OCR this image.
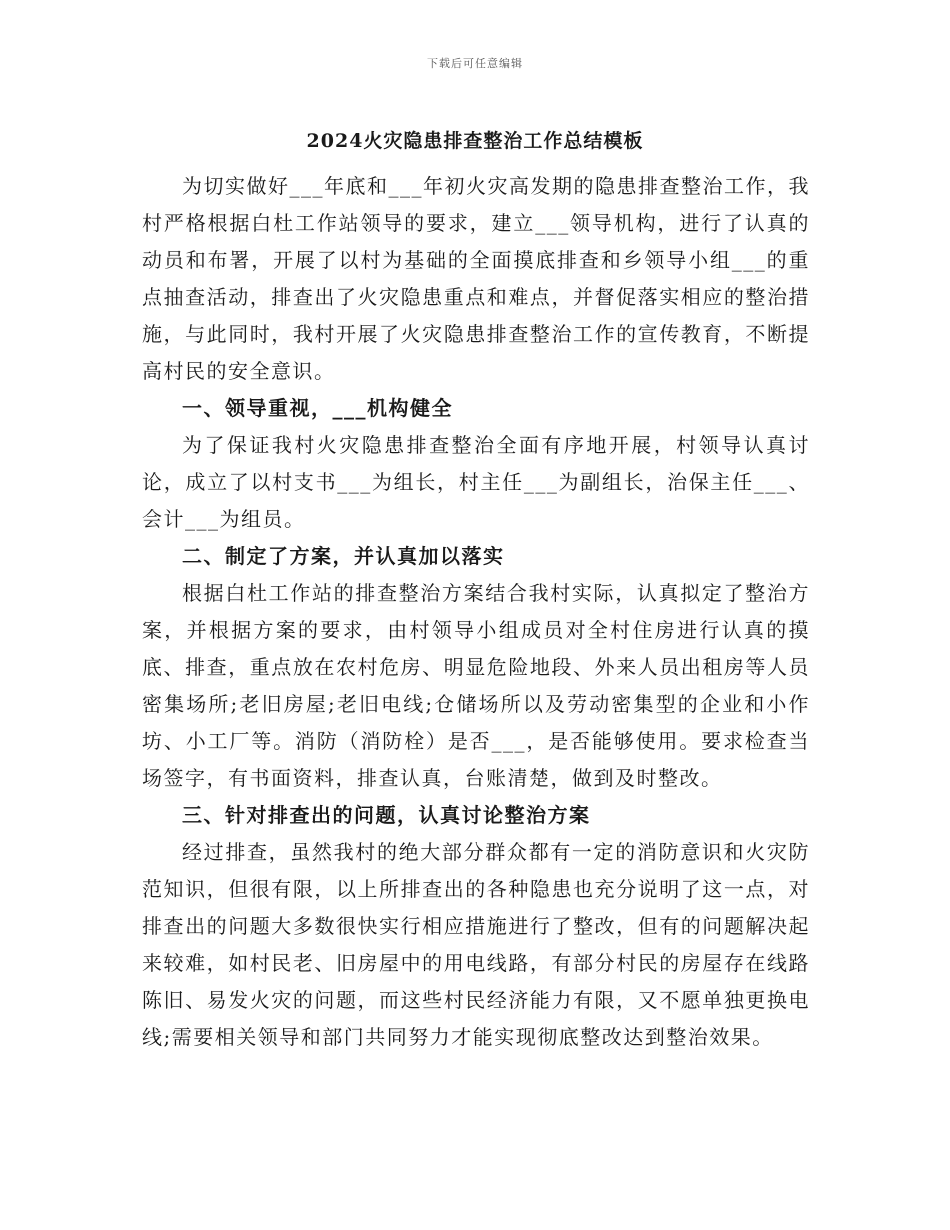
下载后可任意编辑
2024火灾隐患排查整治工作总结模板

为切实做好___年底和___年初火灾高发期的隐患排查整治工作，我村严格根据白杜工作站领导的要求，建立___领导机构，进行了认真的动员和布署，开展了以村为基础的全面摸底排查和乡领导小组___的重点抽查活动，排查出了火灾隐患重点和难点，并督促落实相应的整治措施，与此同时，我村开展了火灾隐患排查整治工作的宣传教育，不断提高村民的安全意识。

一、领导重视，___机构健全

为了保证我村火灾隐患排查整治全面有序地开展，村领导认真讨论，成立了以村支书___为组长，村主任___为副组长，治保主任___、会计___为组员。

二、制定了方案，并认真加以落实

根据白杜工作站的排查整治方案结合我村实际，认真拟定了整治方案，并根据方案的要求，由村领导小组成员对全村住房进行认真的摸底、排查，重点放在农村危房、明显危险地段、外来人员出租房等人员密集场所;老旧房屋;老旧电线;仓储场所以及劳动密集型的企业和小作坊、小工厂等。消防（消防栓）是否___，是否能够使用。要求检查当场签字，有书面资料，排查认真，台账清楚，做到及时整改。

三、针对排查出的问题，认真讨论整治方案

经过排查，虽然我村的绝大部分群众都有一定的消防意识和火灾防范知识，但很有限，以上所排查出的各种隐患也充分说明了这一点，对排查出的问题大多数很快实行相应措施进行了整改，但有的问题解决起来较难，如村民老、旧房屋中的用电线路，有部分村民的房屋存在线路陈旧、易发火灾的问题，而这些村民经济能力有限，又不愿单独更换电线;需要相关领导和部门共同努力才能实现彻底整改达到整治效果。
